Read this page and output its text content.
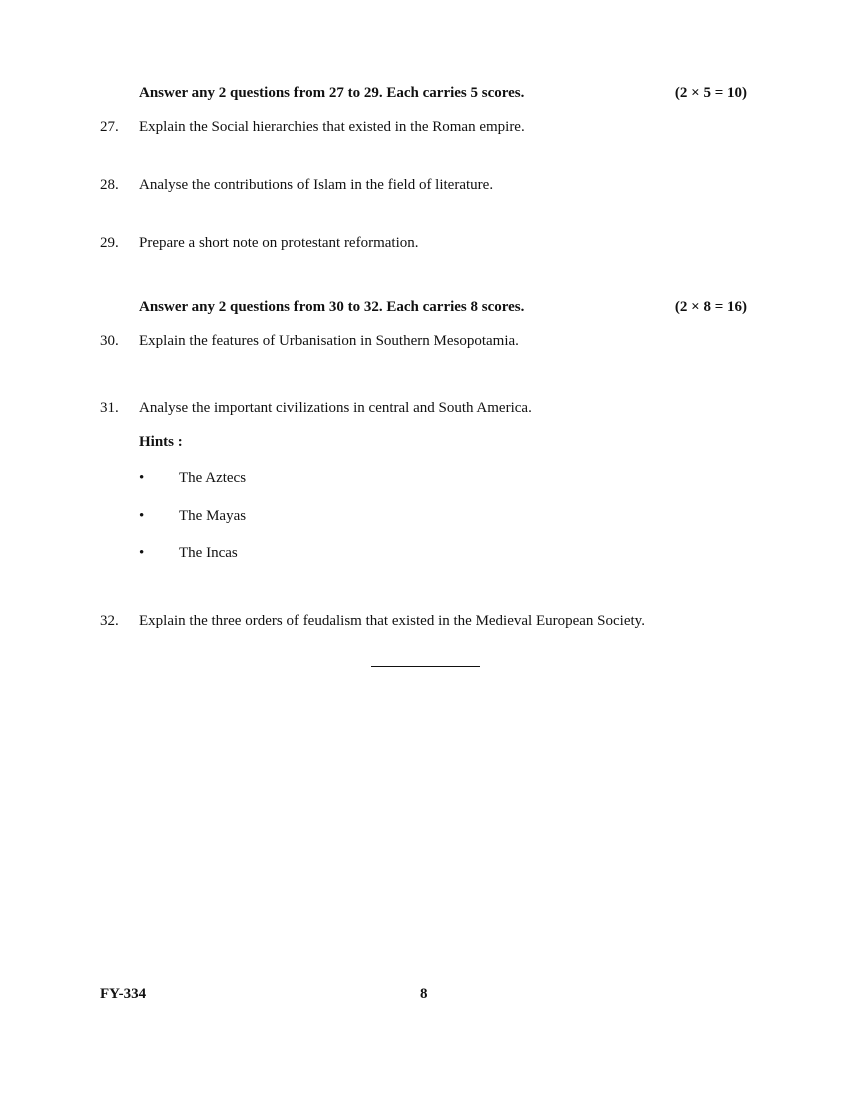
Answer any 2 questions from 27 to 29. Each carries 5 scores.	(2 × 5 = 10)
27. Explain the Social hierarchies that existed in the Roman empire.
28. Analyse the contributions of Islam in the field of literature.
29. Prepare a short note on protestant reformation.
Answer any 2 questions from 30 to 32. Each carries 8 scores.	(2 × 8 = 16)
30. Explain the features of Urbanisation in Southern Mesopotamia.
31. Analyse the important civilizations in central and South America.
Hints :
• The Aztecs
• The Mayas
• The Incas
32. Explain the three orders of feudalism that existed in the Medieval European Society.
FY-334	8
